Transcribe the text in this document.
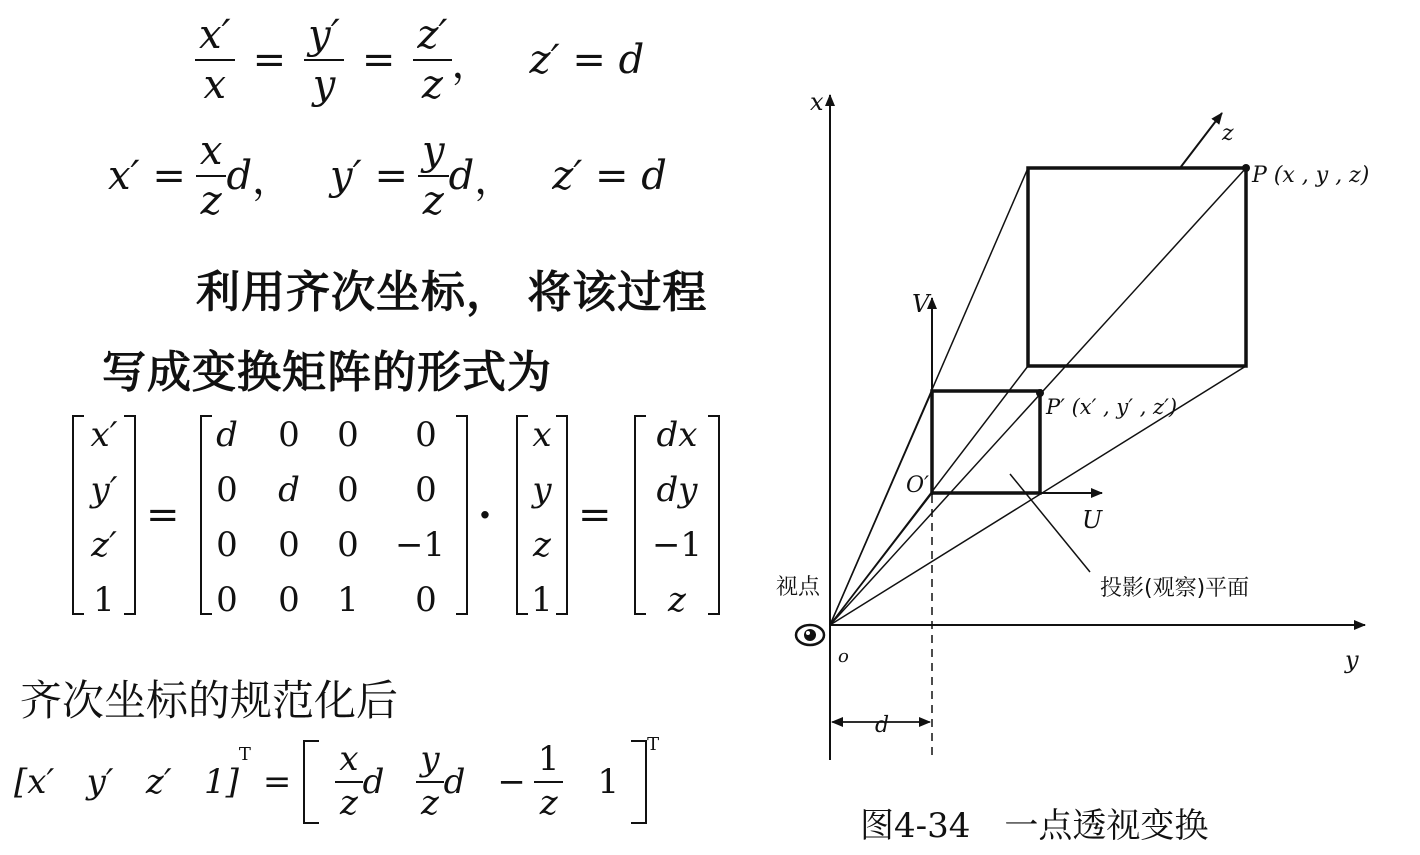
$\frac{x'}{x} = \frac{y'}{y} = \frac{z'}{z}$ ， z′ = d
$x' = \frac{x}{z}$ d ， $y' = \frac{y}{z}$ d ， z′ = d
利用齐次坐标， 将该过程
写成变换矩阵的形式为
x′
y′
z′
1
=
d	0	0	0
0	d	0	0
0	0	0	−1
0	0	1	0
·
x
y
z
1
=
dx
dy
−1
z
齐次坐标的规范化后
[x′   y′   z′   1]
$^T$
= $\frac{x}{z}$ d $\frac{y}{z}$ $d - \frac{1}{z} 1$
$^T$
x
z
V
U
y
o
O′
P (x , y , z)
P′ (x′ , y′ , z′)
视点	投影(观察)平面
d
图4-34　一点透视变换
